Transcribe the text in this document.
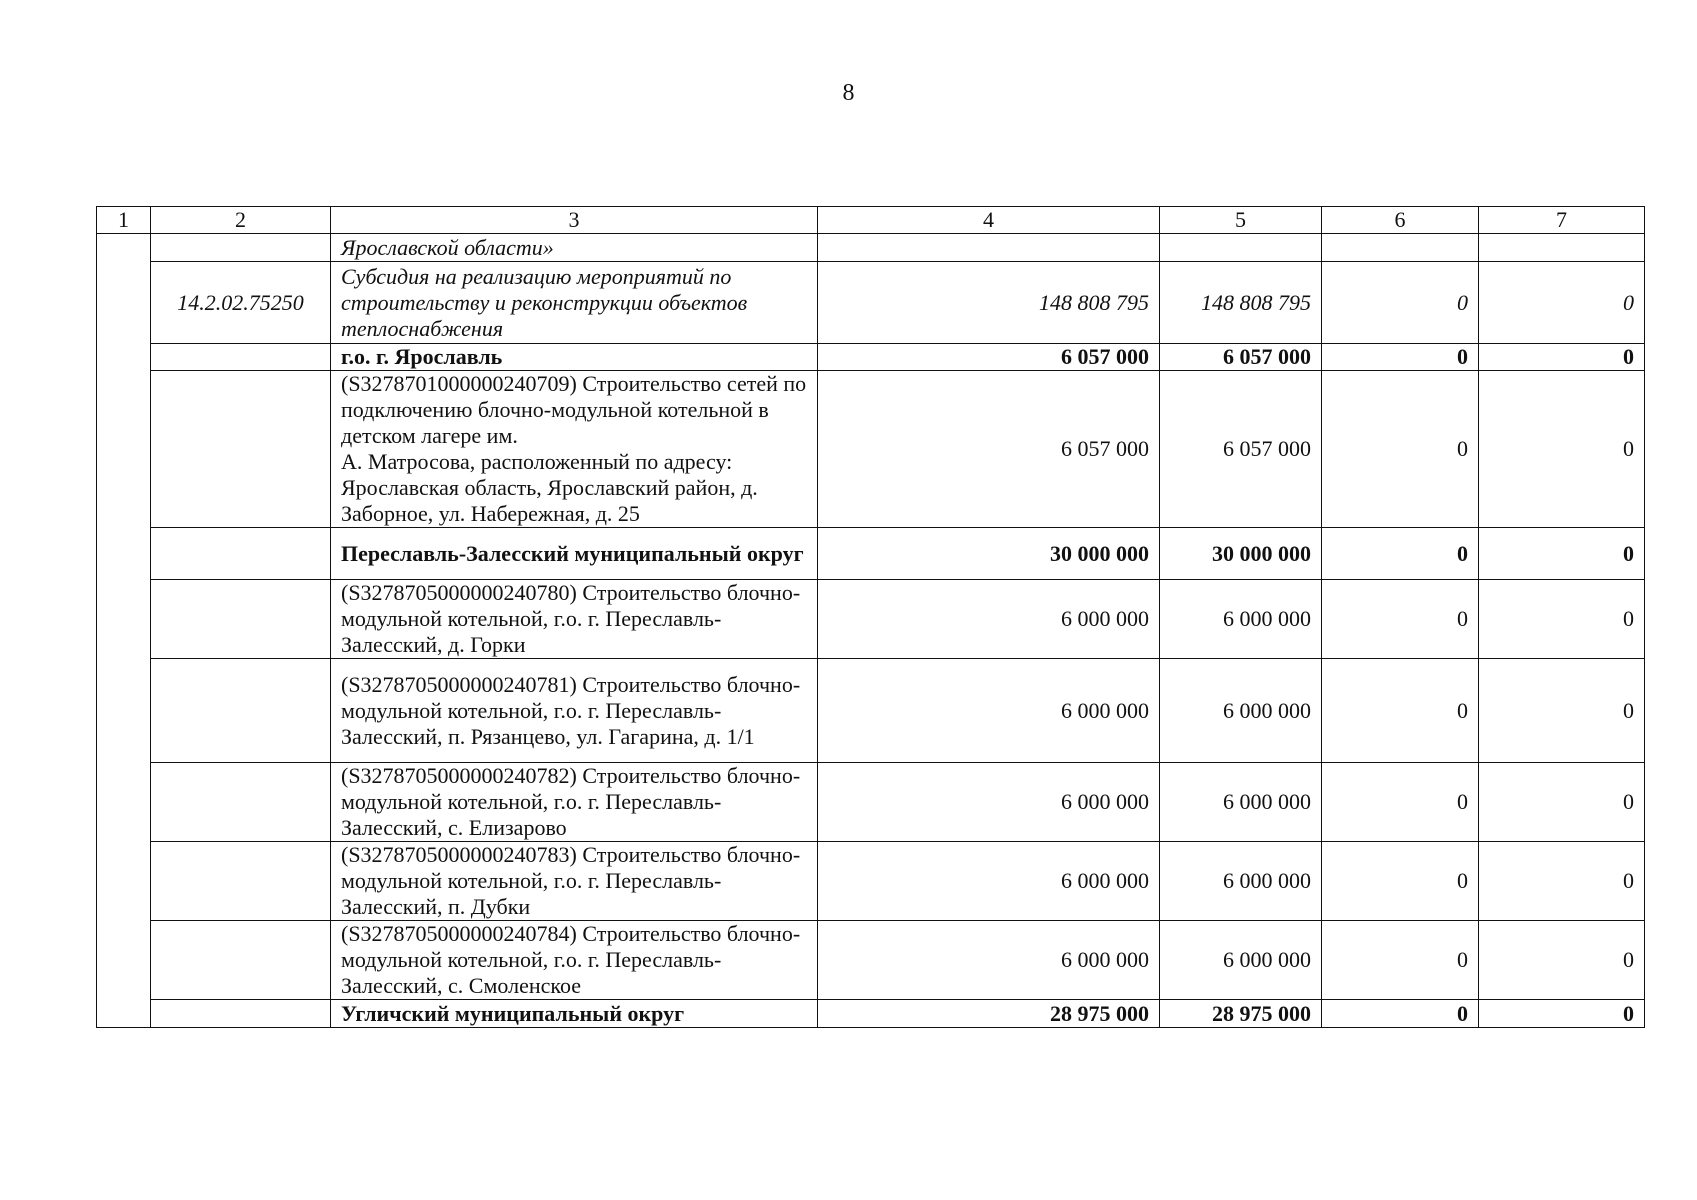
8
1	2	3	4	5	6	7
		Ярославской области»				
	14.2.02.75250	Субсидия на реализацию мероприятий по строительству и реконструкции объектов теплоснабжения	148 808 795	148 808 795	0	0
		г.о. г. Ярославль	6 057 000	6 057 000	0	0
		(S3278701000000240709) Строительство сетей по подключению блочно-модульной котельной в детском лагере им.
А. Матросова, расположенный по адресу: Ярославская область, Ярославский район, д. Заборное, ул. Набережная, д. 25	6 057 000	6 057 000	0	0
		Переславль-Залесский муниципальный округ	30 000 000	30 000 000	0	0
		(S3278705000000240780) Строительство блочно-модульной котельной, г.о. г. Переславль-Залесский, д. Горки	6 000 000	6 000 000	0	0
		(S3278705000000240781) Строительство блочно-модульной котельной, г.о. г. Переславль-Залесский, п. Рязанцево, ул. Гагарина, д. 1/1	6 000 000	6 000 000	0	0
		(S3278705000000240782) Строительство блочно-модульной котельной, г.о. г. Переславль-Залесский, с. Елизарово	6 000 000	6 000 000	0	0
		(S3278705000000240783) Строительство блочно-модульной котельной, г.о. г. Переславль-Залесский, п. Дубки	6 000 000	6 000 000	0	0
		(S3278705000000240784) Строительство блочно-модульной котельной, г.о. г. Переславль-Залесский, с. Смоленское	6 000 000	6 000 000	0	0
		Угличский муниципальный округ	28 975 000	28 975 000	0	0
